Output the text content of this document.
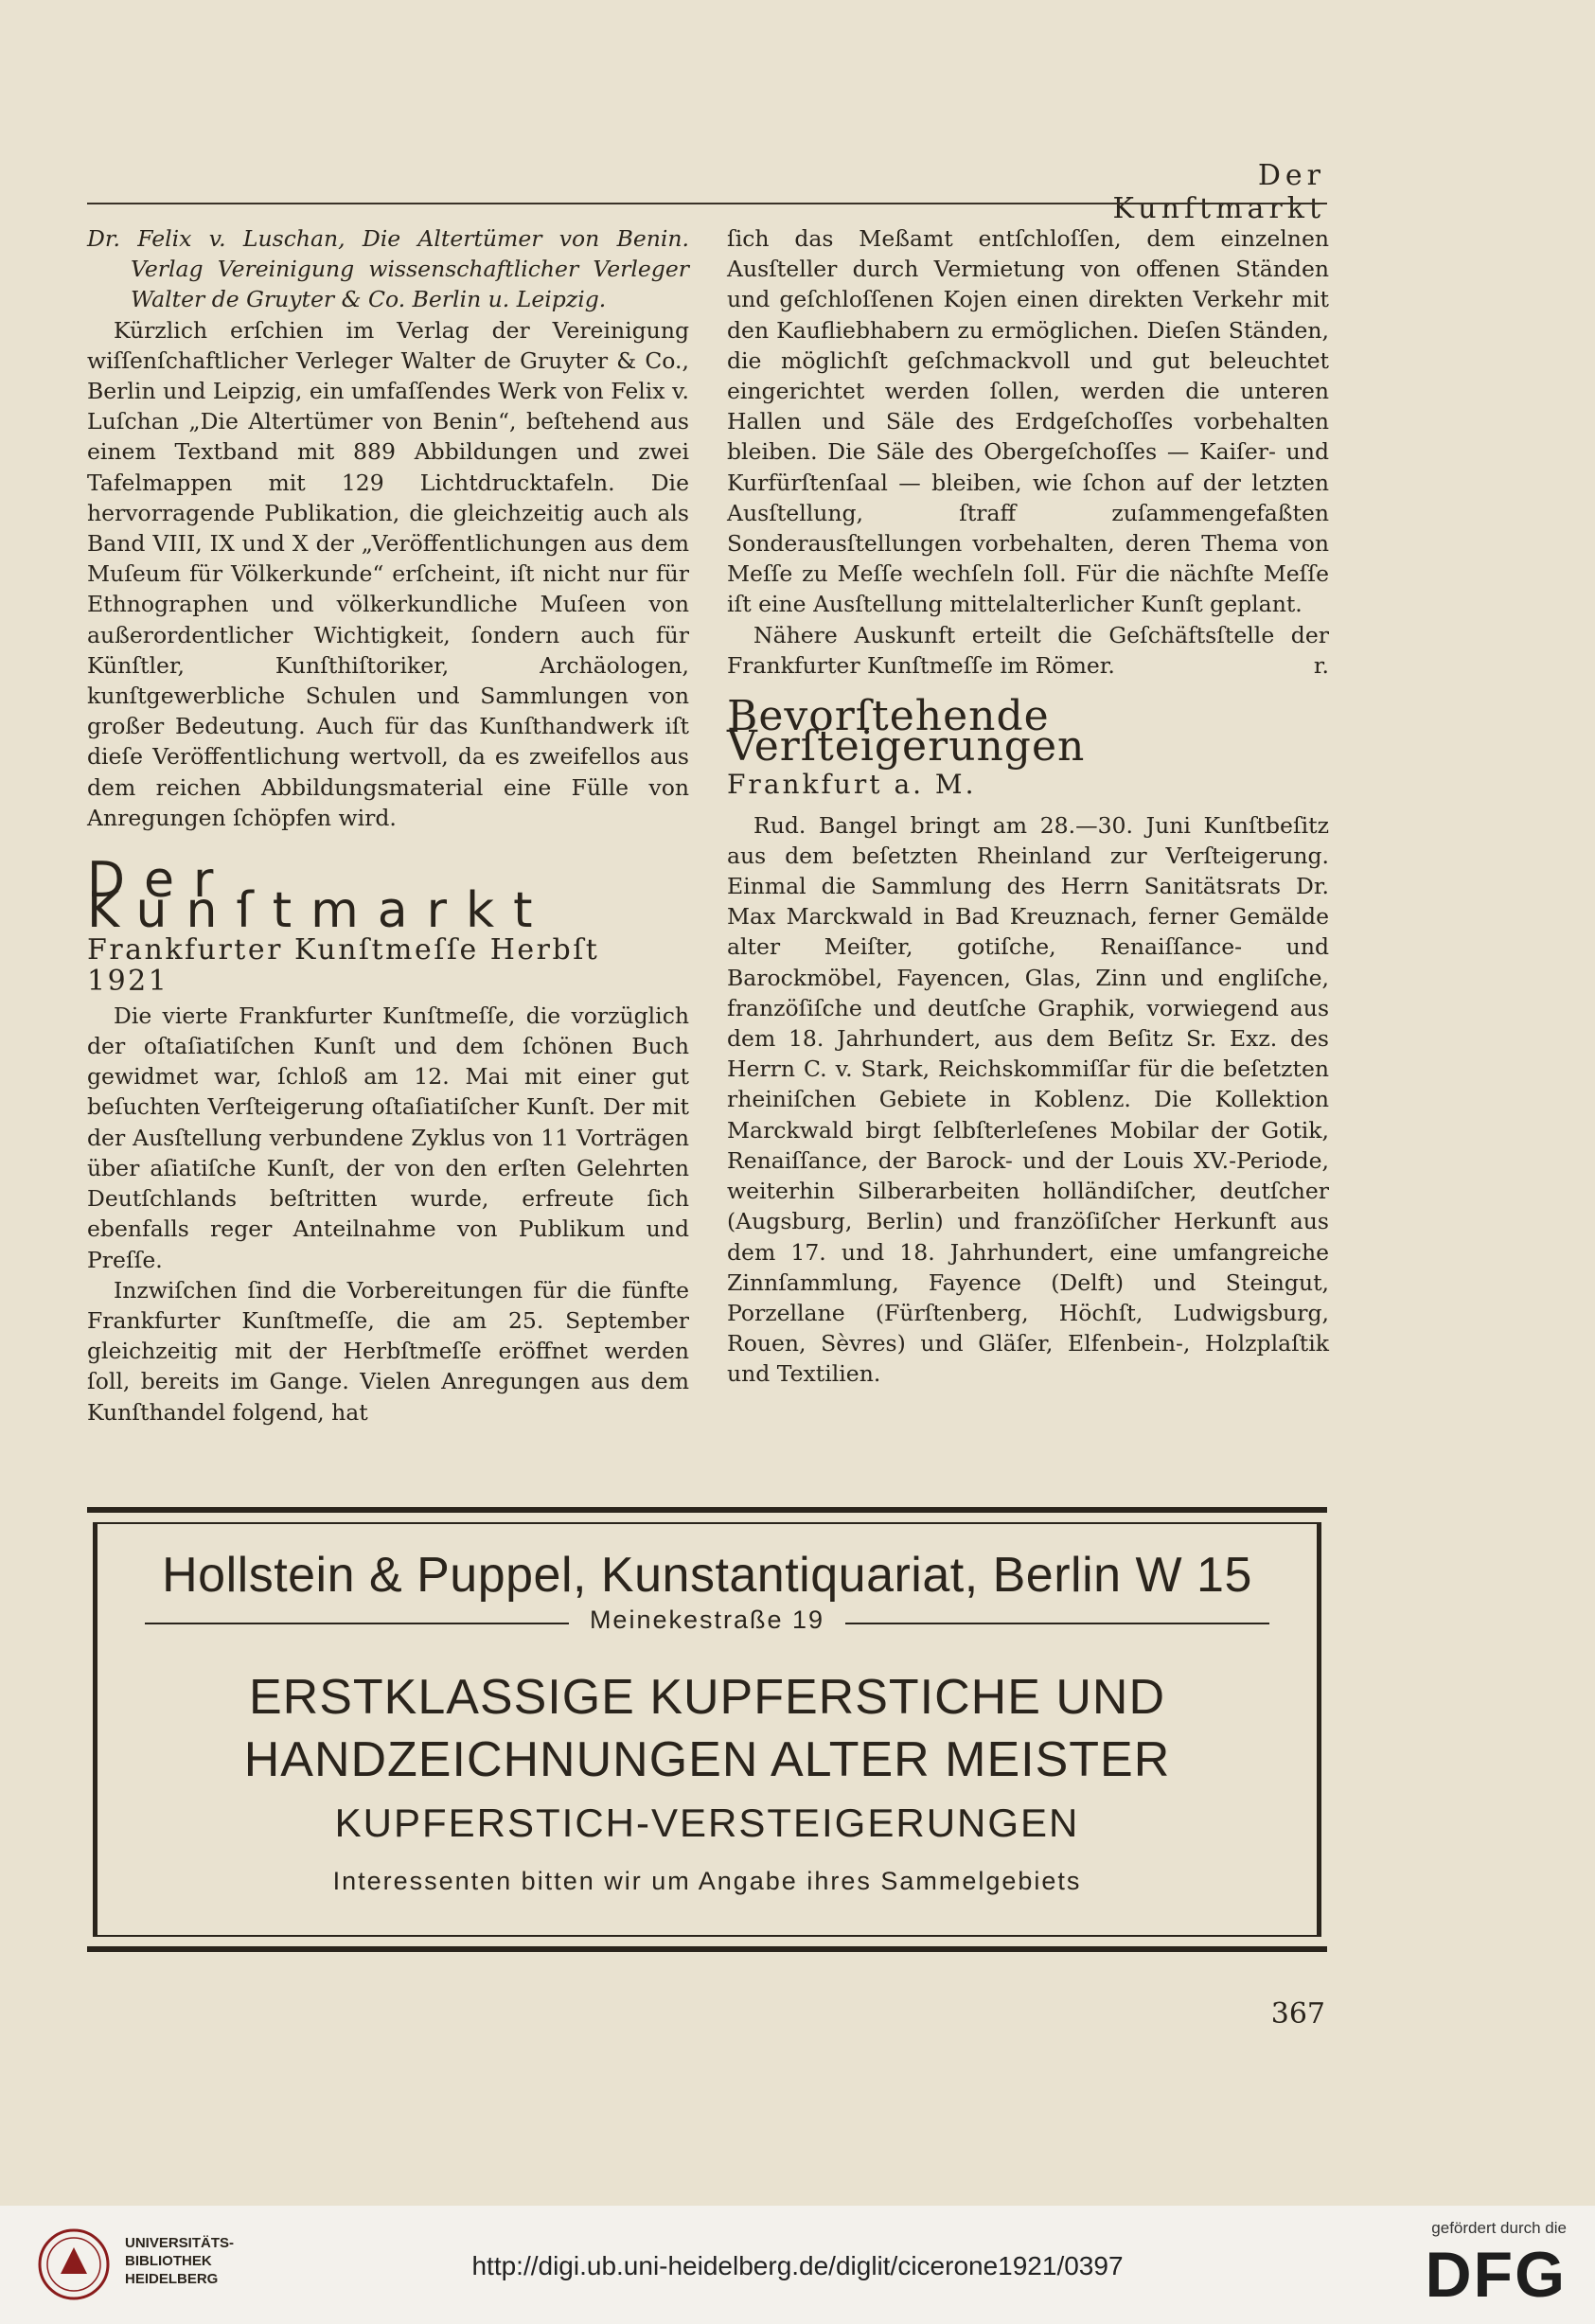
Der Kunſtmarkt

Dr. Felix v. Luschan, Die Altertümer von Benin. Verlag Vereinigung wissenschaftlicher Verleger Walter de Gruyter & Co. Berlin u. Leipzig.

Kürzlich erſchien im Verlag der Vereinigung wiſſenſchaftlicher Verleger Walter de Gruyter & Co., Berlin und Leipzig, ein umfaſſendes Werk von Felix v. Luſchan „Die Altertümer von Benin“, beſtehend aus einem Textband mit 889 Abbildungen und zwei Tafelmappen mit 129 Lichtdrucktafeln. Die hervorragende Publikation, die gleichzeitig auch als Band VIII, IX und X der „Veröffentlichungen aus dem Muſeum für Völkerkunde“ erſcheint, iſt nicht nur für Ethnographen und völkerkundliche Muſeen von außerordentlicher Wichtigkeit, ſondern auch für Künſtler, Kunſthiſtoriker, Archäologen, kunſtgewerbliche Schulen und Sammlungen von großer Bedeutung. Auch für das Kunſthandwerk iſt dieſe Veröffentlichung wertvoll, da es zweifellos aus dem reichen Abbildungsmaterial eine Fülle von Anregungen ſchöpfen wird.

Der Kunſtmarkt
Frankfurter Kunſtmeſſe Herbſt 1921

Die vierte Frankfurter Kunſtmeſſe, die vorzüglich der oſtaſiatiſchen Kunſt und dem ſchönen Buch gewidmet war, ſchloß am 12. Mai mit einer gut beſuchten Verſteigerung oſtaſiatiſcher Kunſt. Der mit der Ausſtellung verbundene Zyklus von 11 Vorträgen über aſiatiſche Kunſt, der von den erſten Gelehrten Deutſchlands beſtritten wurde, erfreute ſich ebenfalls reger Anteilnahme von Publikum und Preſſe.

Inzwiſchen ſind die Vorbereitungen für die fünfte Frankfurter Kunſtmeſſe, die am 25. September gleichzeitig mit der Herbſtmeſſe eröffnet werden ſoll, bereits im Gange. Vielen Anregungen aus dem Kunſthandel folgend, hat

ſich das Meßamt entſchloſſen, dem einzelnen Ausſteller durch Vermietung von offenen Ständen und geſchloſſenen Kojen einen direkten Verkehr mit den Kaufliebhabern zu ermöglichen. Dieſen Ständen, die möglichſt geſchmackvoll und gut beleuchtet eingerichtet werden ſollen, werden die unteren Hallen und Säle des Erdgeſchoſſes vorbehalten bleiben. Die Säle des Obergeſchoſſes — Kaiſer- und Kurfürſtenſaal — bleiben, wie ſchon auf der letzten Ausſtellung, ſtraff zuſammengefaßten Sonderausſtellungen vorbehalten, deren Thema von Meſſe zu Meſſe wechſeln ſoll. Für die nächſte Meſſe iſt eine Ausſtellung mittelalterlicher Kunſt geplant.

Nähere Auskunft erteilt die Geſchäftsſtelle der Frankfurter Kunſtmeſſe im Römer.	r.

Bevorſtehende Verſteigerungen
Frankfurt a. M.

Rud. Bangel bringt am 28.—30. Juni Kunſtbeſitz aus dem beſetzten Rheinland zur Verſteigerung. Einmal die Sammlung des Herrn Sanitätsrats Dr. Max Marckwald in Bad Kreuznach, ferner Gemälde alter Meiſter, gotiſche, Renaiſſance- und Barockmöbel, Fayencen, Glas, Zinn und engliſche, franzöſiſche und deutſche Graphik, vorwiegend aus dem 18. Jahrhundert, aus dem Beſitz Sr. Exz. des Herrn C. v. Stark, Reichskommiſſar für die beſetzten rheiniſchen Gebiete in Koblenz. Die Kollektion Marckwald birgt ſelbſterleſenes Mobilar der Gotik, Renaiſſance, der Barock- und der Louis XV.-Periode, weiterhin Silberarbeiten holländiſcher, deutſcher (Augsburg, Berlin) und franzöſiſcher Herkunft aus dem 17. und 18. Jahrhundert, eine umfangreiche Zinnſammlung, Fayence (Delft) und Steingut, Porzellane (Fürſtenberg, Höchſt, Ludwigsburg, Rouen, Sèvres) und Gläſer, Elfenbein-, Holzplaſtik und Textilien.

Hollstein & Puppel, Kunstantiquariat, Berlin W 15
Meinekestraße 19
ERSTKLASSIGE KUPFERSTICHE UND
HANDZEICHNUNGEN ALTER MEISTER
KUPFERSTICH-VERSTEIGERUNGEN
Interessenten bitten wir um Angabe ihres Sammelgebiets
367
UNIVERSITÄTS-
BIBLIOTHEK
HEIDELBERG	http://digi.ub.uni-heidelberg.de/diglit/cicerone1921/0397
gefördert durch die
DFG
